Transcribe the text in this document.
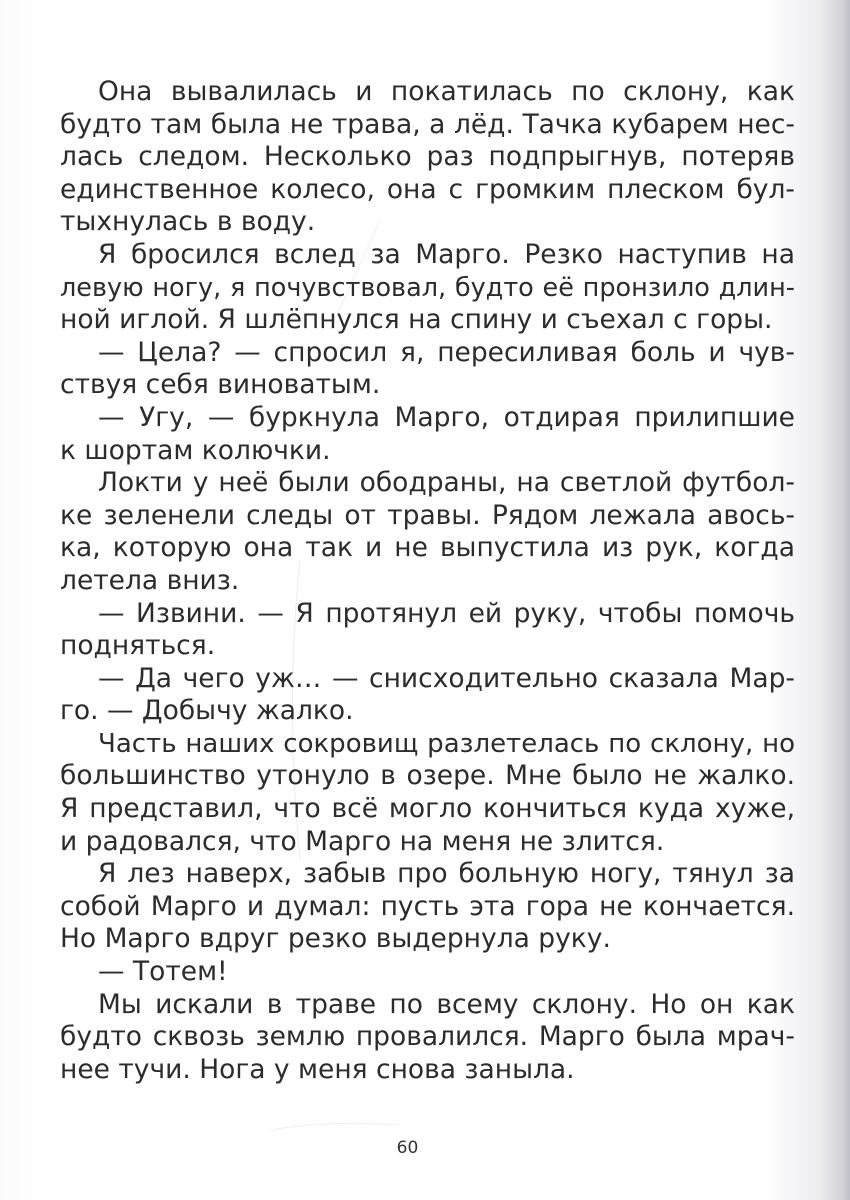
Она вывалилась и покатилась по склону, как
будто там была не трава, а лёд. Тачка кубарем нес-
лась следом. Несколько раз подпрыгнув, потеряв
единственное колесо, она с громким плеском бул-
тыхнулась в воду.
Я бросился вслед за Марго. Резко наступив на
левую ногу, я почувствовал, будто её пронзило длин-
ной иглой. Я шлёпнулся на спину и съехал с горы.
— Цела? — спросил я, пересиливая боль и чув-
ствуя себя виноватым.
— Угу, — буркнула Марго, отдирая прилипшие
к шортам колючки.
Локти у неё были ободраны, на светлой футбол-
ке зеленели следы от травы. Рядом лежала авось-
ка, которую она так и не выпустила из рук, когда
летела вниз.
— Извини. — Я протянул ей руку, чтобы помочь
подняться.
— Да чего уж… — снисходительно сказала Мар-
го. — Добычу жалко.
Часть наших сокровищ разлетелась по склону, но
большинство утонуло в озере. Мне было не жалко.
Я представил, что всё могло кончиться куда хуже,
и радовался, что Марго на меня не злится.
Я лез наверх, забыв про больную ногу, тянул за
собой Марго и думал: пусть эта гора не кончается.
Но Марго вдруг резко выдернула руку.
— Тотем!
Мы искали в траве по всему склону. Но он как
будто сквозь землю провалился. Марго была мрач-
нее тучи. Нога у меня снова заныла.
60
